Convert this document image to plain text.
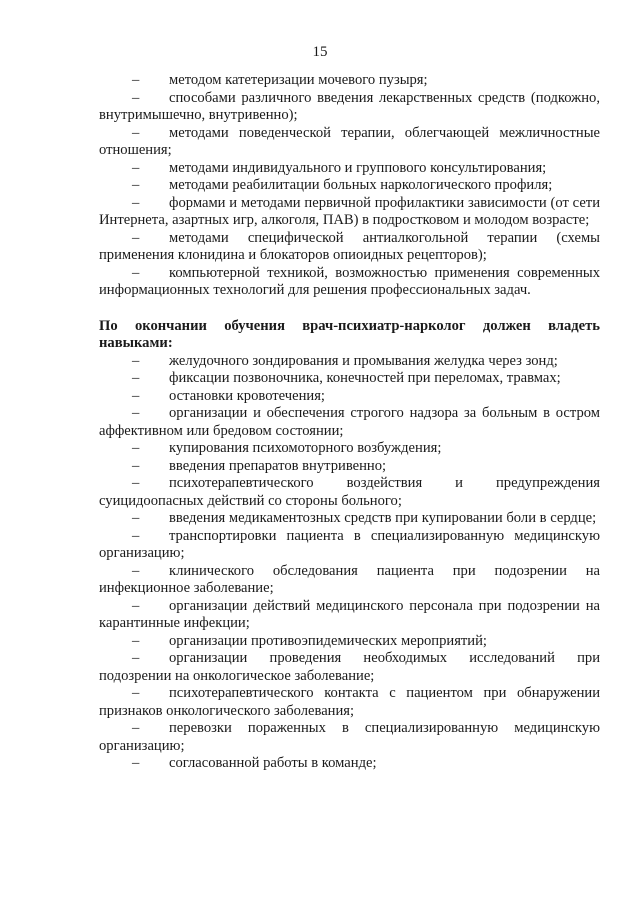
15
– методом катетеризации мочевого пузыря;
– способами различного введения лекарственных средств (подкожно, внутримышечно, внутривенно);
– методами поведенческой терапии, облегчающей межличностные отношения;
– методами индивидуального и группового консультирования;
– методами реабилитации больных наркологического профиля;
– формами и методами первичной профилактики зависимости (от сети Интернета, азартных игр, алкоголя, ПАВ) в подростковом и молодом возрасте;
– методами специфической антиалкогольной терапии (схемы применения клонидина и блокаторов опиоидных рецепторов);
– компьютерной техникой, возможностью применения современных информационных технологий для решения профессиональных задач.
По окончании обучения врач-психиатр-нарколог должен владеть навыками:
– желудочного зондирования и промывания желудка через зонд;
– фиксации позвоночника, конечностей при переломах, травмах;
– остановки кровотечения;
– организации и обеспечения строгого надзора за больным в остром аффективном или бредовом состоянии;
– купирования психомоторного возбуждения;
– введения препаратов внутривенно;
– психотерапевтического воздействия и предупреждения суицидоопасных действий со стороны больного;
– введения медикаментозных средств при купировании боли в сердце;
– транспортировки пациента в специализированную медицинскую организацию;
– клинического обследования пациента при подозрении на инфекционное заболевание;
– организации действий медицинского персонала при подозрении на карантинные инфекции;
– организации противоэпидемических мероприятий;
– организации проведения необходимых исследований при подозрении на онкологическое заболевание;
– психотерапевтического контакта с пациентом при обнаружении признаков онкологического заболевания;
– перевозки пораженных в специализированную медицинскую организацию;
– согласованной работы в команде;
